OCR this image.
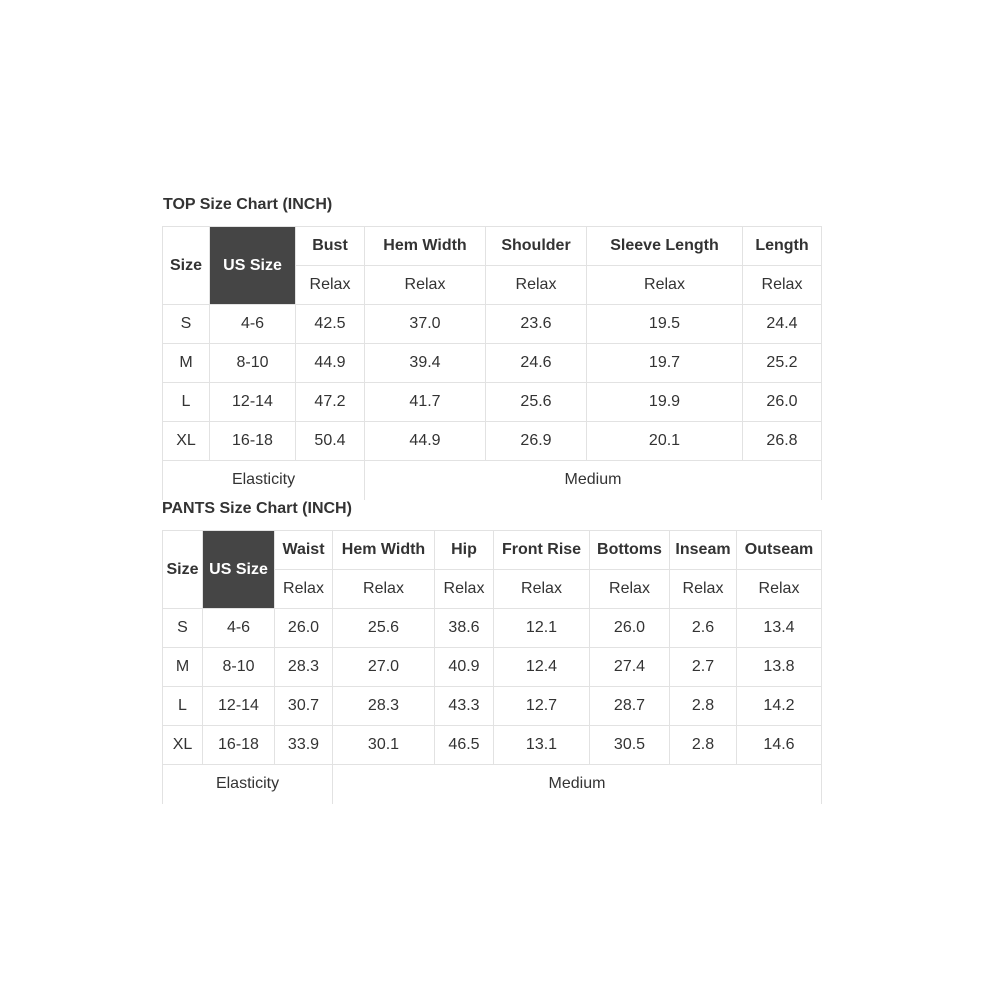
TOP Size Chart (INCH)
Size	US Size	Bust	Hem Width	Shoulder	Sleeve Length	Length
		Relax	Relax	Relax	Relax	Relax
S	4-6	42.5	37.0	23.6	19.5	24.4
M	8-10	44.9	39.4	24.6	19.7	25.2
L	12-14	47.2	41.7	25.6	19.9	26.0
XL	16-18	50.4	44.9	26.9	20.1	26.8
Elasticity			Medium			
PANTS Size Chart (INCH)
Size	US Size	Waist	Hem Width	Hip	Front Rise	Bottoms	Inseam	Outseam
		Relax	Relax	Relax	Relax	Relax	Relax	Relax
S	4-6	26.0	25.6	38.6	12.1	26.0	2.6	13.4
M	8-10	28.3	27.0	40.9	12.4	27.4	2.7	13.8
L	12-14	30.7	28.3	43.3	12.7	28.7	2.8	14.2
XL	16-18	33.9	30.1	46.5	13.1	30.5	2.8	14.6
Elasticity			Medium					
